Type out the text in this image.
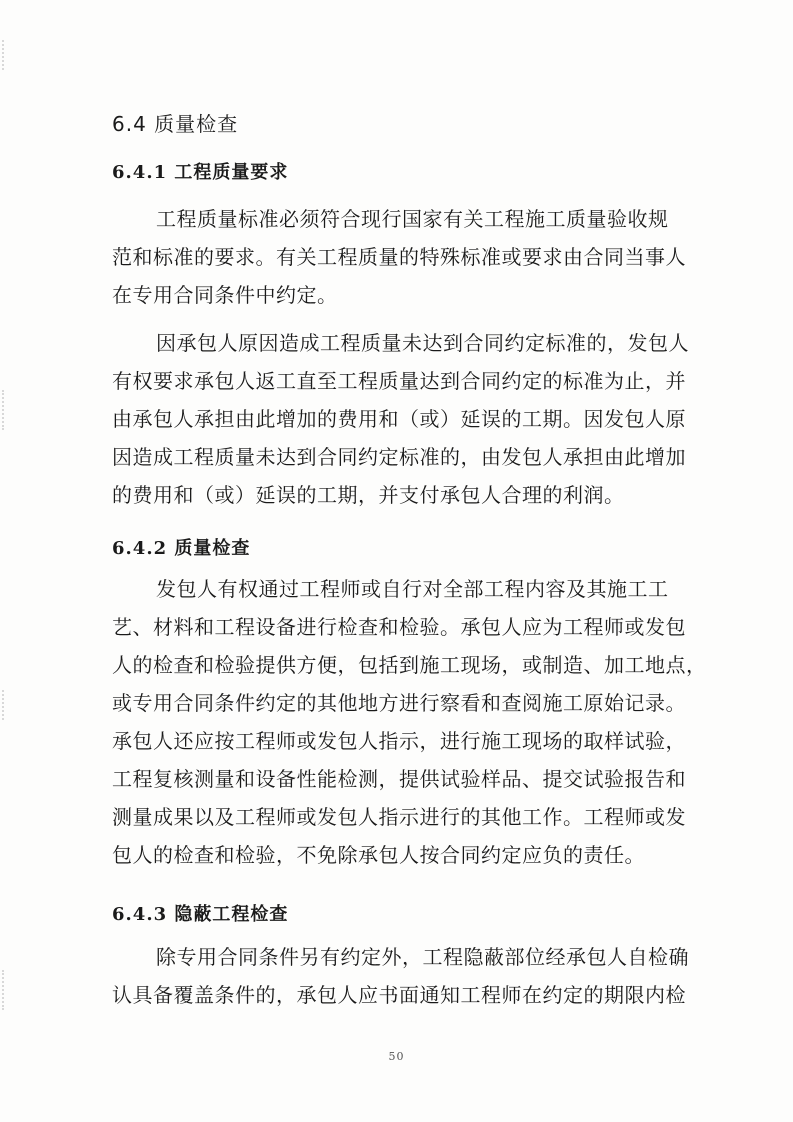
6.4 质量检查
6.4.1 工程质量要求
工程质量标准必须符合现行国家有关工程施工质量验收规
范和标准的要求。有关工程质量的特殊标准或要求由合同当事人
在专用合同条件中约定。
因承包人原因造成工程质量未达到合同约定标准的，发包人
有权要求承包人返工直至工程质量达到合同约定的标准为止，并
由承包人承担由此增加的费用和（或）延误的工期。因发包人原
因造成工程质量未达到合同约定标准的，由发包人承担由此增加
的费用和（或）延误的工期，并支付承包人合理的利润。
6.4.2 质量检查
发包人有权通过工程师或自行对全部工程内容及其施工工
艺、材料和工程设备进行检查和检验。承包人应为工程师或发包
人的检查和检验提供方便，包括到施工现场，或制造、加工地点，
或专用合同条件约定的其他地方进行察看和查阅施工原始记录。
承包人还应按工程师或发包人指示，进行施工现场的取样试验，
工程复核测量和设备性能检测，提供试验样品、提交试验报告和
测量成果以及工程师或发包人指示进行的其他工作。工程师或发
包人的检查和检验，不免除承包人按合同约定应负的责任。
6.4.3 隐蔽工程检查
除专用合同条件另有约定外，工程隐蔽部位经承包人自检确
认具备覆盖条件的，承包人应书面通知工程师在约定的期限内检
50
